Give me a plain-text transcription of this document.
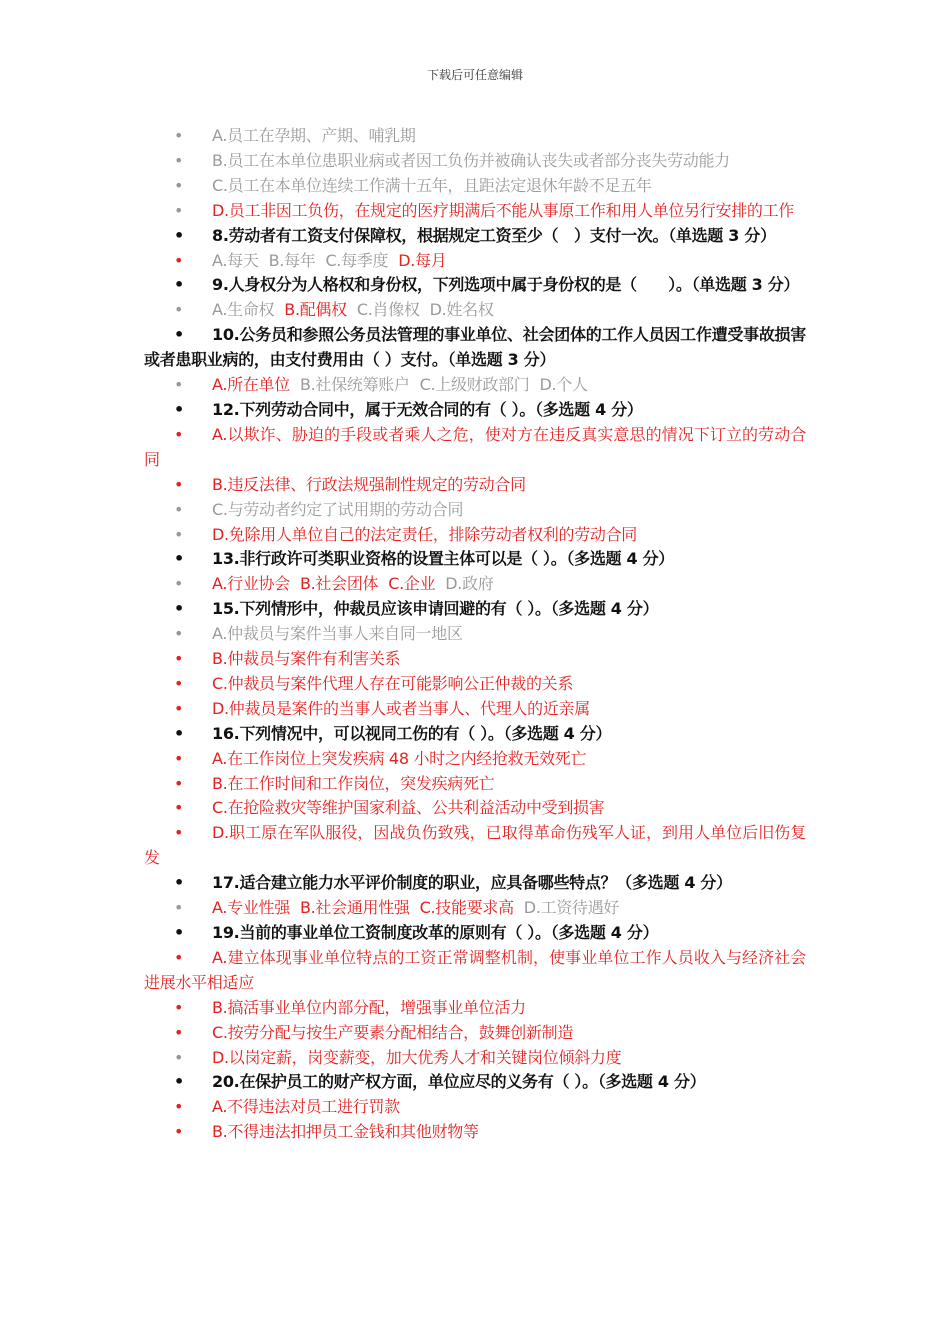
下载后可任意编辑
• A.员工在孕期、产期、哺乳期
• B.员工在本单位患职业病或者因工负伤并被确认丧失或者部分丧失劳动能力
• C.员工在本单位连续工作满十五年，且距法定退休年龄不足五年
• D.员工非因工负伤，在规定的医疗期满后不能从事原工作和用人单位另行安排的工作
• 8.劳动者有工资支付保障权，根据规定工资至少（　）支付一次。（单选题 3 分）
• A.每天 B.每年 C.每季度 D.每月
• 9.人身权分为人格权和身份权，下列选项中属于身份权的是（　　）。（单选题 3 分）
• A.生命权 B.配偶权 C.肖像权 D.姓名权
• 10.公务员和参照公务员法管理的事业单位、社会团体的工作人员因工作遭受事故损害或者患职业病的，由支付费用由（ ）支付。（单选题 3 分）
• A.所在单位 B.社保统筹账户 C.上级财政部门 D.个人
• 12.下列劳动合同中，属于无效合同的有（ ）。（多选题 4 分）
• A.以欺诈、胁迫的手段或者乘人之危，使对方在违反真实意思的情况下订立的劳动合同
• B.违反法律、行政法规强制性规定的劳动合同
• C.与劳动者约定了试用期的劳动合同
• D.免除用人单位自己的法定责任，排除劳动者权利的劳动合同
• 13.非行政许可类职业资格的设置主体可以是（ ）。（多选题 4 分）
• A.行业协会 B.社会团体 C.企业 D.政府
• 15.下列情形中，仲裁员应该申请回避的有（ ）。（多选题 4 分）
• A.仲裁员与案件当事人来自同一地区
• B.仲裁员与案件有利害关系
• C.仲裁员与案件代理人存在可能影响公正仲裁的关系
• D.仲裁员是案件的当事人或者当事人、代理人的近亲属
• 16.下列情况中，可以视同工伤的有（ ）。（多选题 4 分）
• A.在工作岗位上突发疾病 48 小时之内经抢救无效死亡
• B.在工作时间和工作岗位，突发疾病死亡
• C.在抢险救灾等维护国家利益、公共利益活动中受到损害
• D.职工原在军队服役，因战负伤致残，已取得革命伤残军人证，到用人单位后旧伤复发
• 17.适合建立能力水平评价制度的职业，应具备哪些特点？（多选题 4 分）
• A.专业性强 B.社会通用性强 C.技能要求高 D.工资待遇好
• 19.当前的事业单位工资制度改革的原则有（ ）。（多选题 4 分）
• A.建立体现事业单位特点的工资正常调整机制，使事业单位工作人员收入与经济社会进展水平相适应
• B.搞活事业单位内部分配，增强事业单位活力
• C.按劳分配与按生产要素分配相结合，鼓舞创新制造
• D.以岗定薪，岗变薪变，加大优秀人才和关键岗位倾斜力度
• 20.在保护员工的财产权方面，单位应尽的义务有（ ）。（多选题 4 分）
• A.不得违法对员工进行罚款
• B.不得违法扣押员工金钱和其他财物等
